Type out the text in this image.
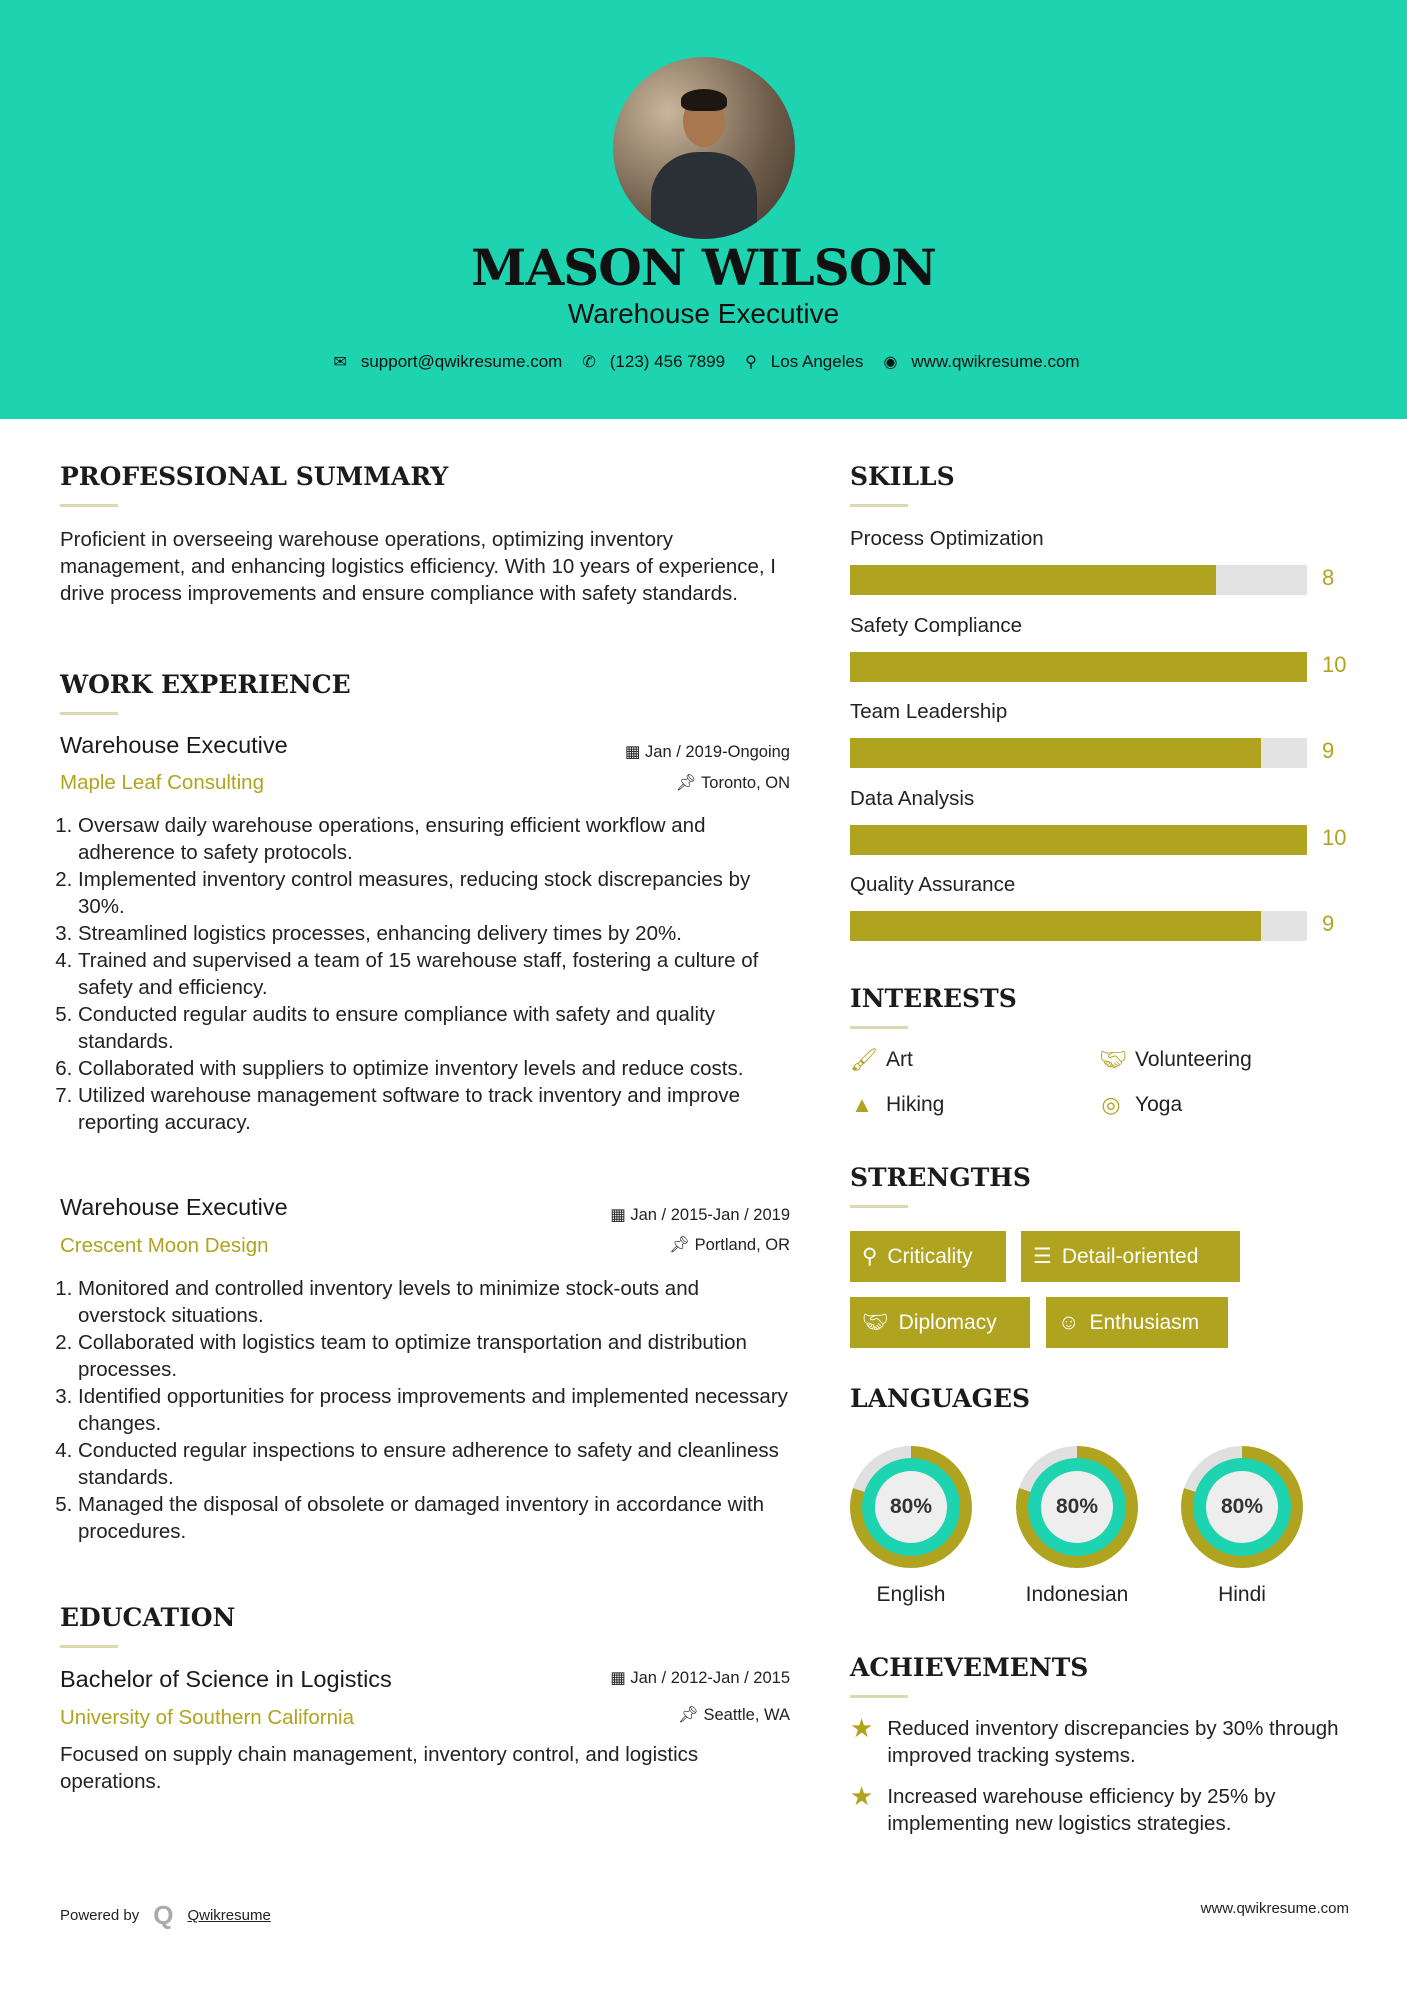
MASON WILSON
Warehouse Executive
✉ support@qwikresume.com ✆ (123) 456 7899 ⚲ Los Angeles ◉ www.qwikresume.com
PROFESSIONAL SUMMARY
Proficient in overseeing warehouse operations, optimizing inventory management, and enhancing logistics efficiency. With 10 years of experience, I drive process improvements and ensure compliance with safety standards.
WORK EXPERIENCE
Warehouse Executive	▦ Jan / 2019-Ongoing
Maple Leaf Consulting	📌︎ Toronto, ON
1. Oversaw daily warehouse operations, ensuring efficient workflow and adherence to safety protocols.
2. Implemented inventory control measures, reducing stock discrepancies by 30%.
3. Streamlined logistics processes, enhancing delivery times by 20%.
4. Trained and supervised a team of 15 warehouse staff, fostering a culture of safety and efficiency.
5. Conducted regular audits to ensure compliance with safety and quality standards.
6. Collaborated with suppliers to optimize inventory levels and reduce costs.
7. Utilized warehouse management software to track inventory and improve reporting accuracy.
Warehouse Executive	▦ Jan / 2015-Jan / 2019
Crescent Moon Design	📌︎ Portland, OR
1. Monitored and controlled inventory levels to minimize stock-outs and overstock situations.
2. Collaborated with logistics team to optimize transportation and distribution processes.
3. Identified opportunities for process improvements and implemented necessary changes.
4. Conducted regular inspections to ensure adherence to safety and cleanliness standards.
5. Managed the disposal of obsolete or damaged inventory in accordance with procedures.
EDUCATION
Bachelor of Science in Logistics	▦ Jan / 2012-Jan / 2015
University of Southern California	📌︎ Seattle, WA
Focused on supply chain management, inventory control, and logistics operations.
SKILLS
Process Optimization
8
Safety Compliance
10
Team Leadership
9
Data Analysis
10
Quality Assurance
9
INTERESTS
🖌︎ Art	🤝︎ Volunteering
▲ Hiking	◎ Yoga
STRENGTHS
⚲ Criticality	☰ Detail-oriented
🤝︎ Diplomacy	☺ Enthusiasm
LANGUAGES
80%
English
80%
Indonesian
80%
Hindi
ACHIEVEMENTS
★ Reduced inventory discrepancies by 30% through improved tracking systems.
★ Increased warehouse efficiency by 25% by implementing new logistics strategies.
Powered by Q Qwikresume	www.qwikresume.com
